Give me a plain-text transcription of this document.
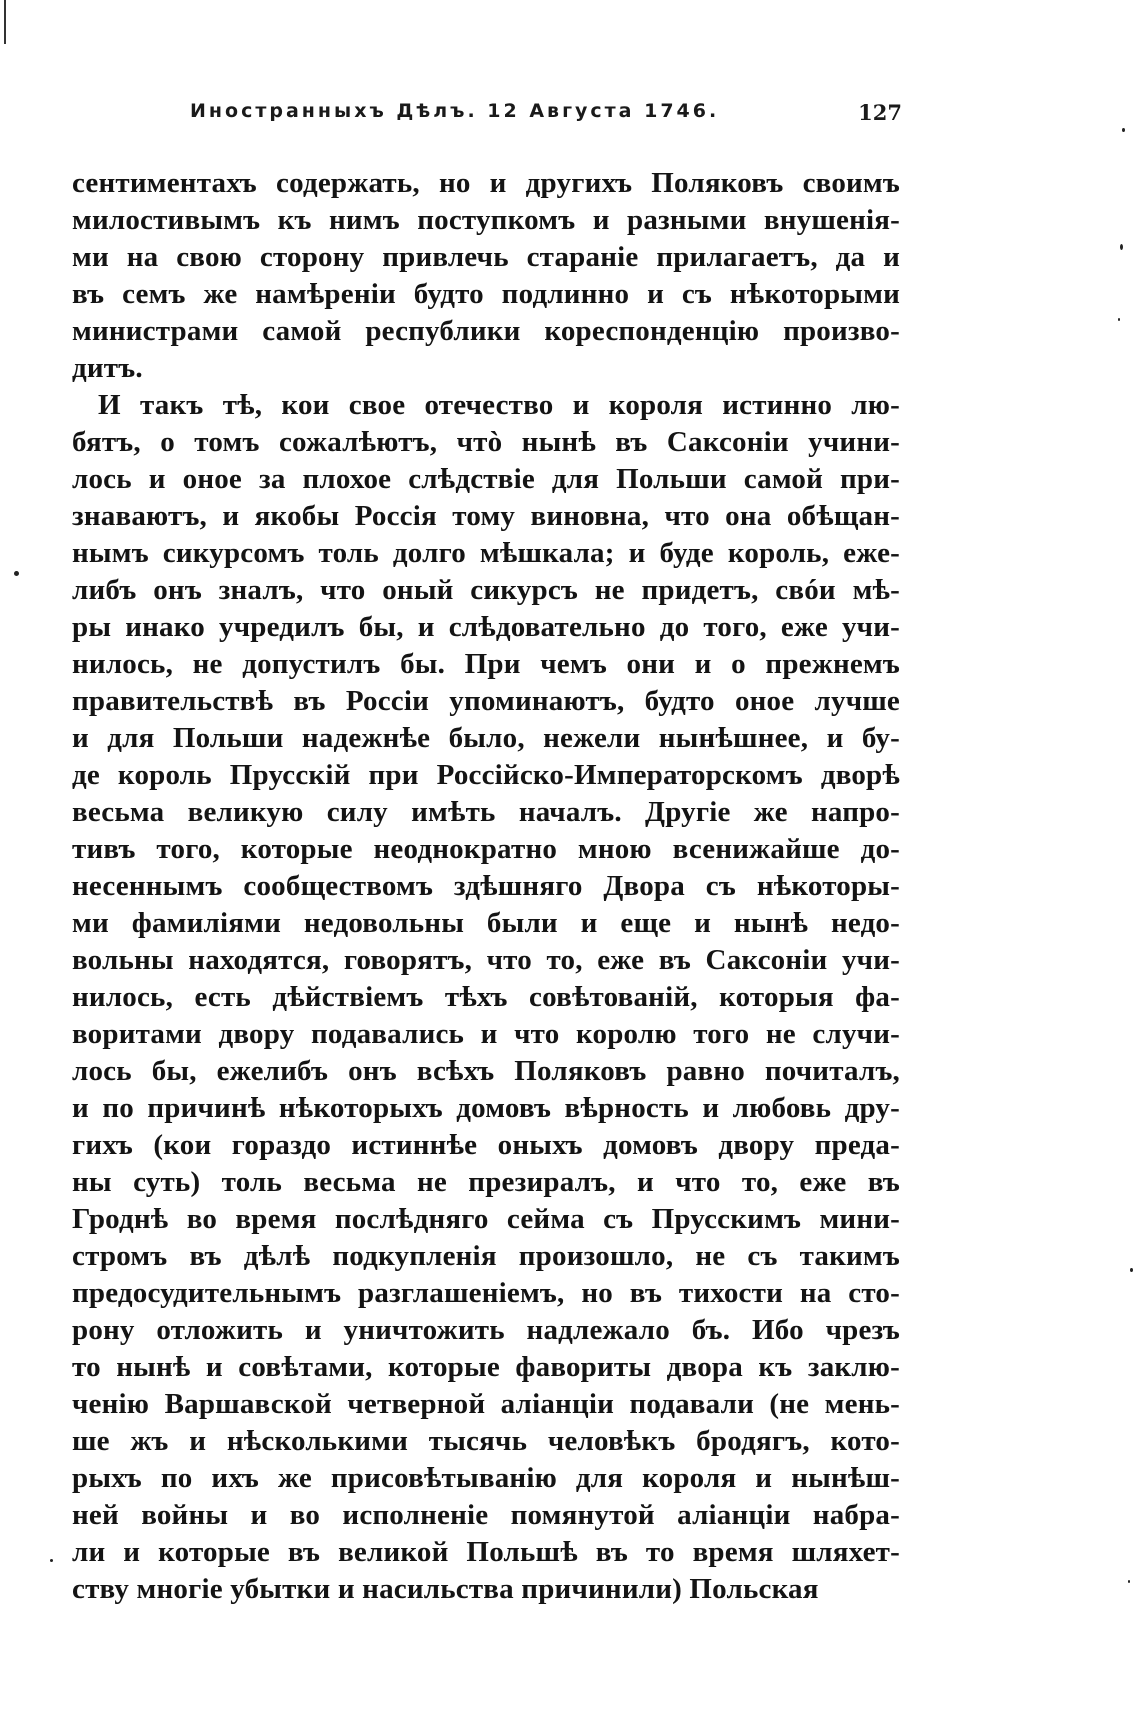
Иностранныхъ Дѣлъ. 12 Августа 1746.	127
сентиментахъ содержать, но и другихъ Поляковъ своимъ
милостивымъ къ нимъ поступкомъ и разными внушенія-
ми на свою сторону привлечь стараніе прилагаетъ, да и
въ семъ же намѣреніи будто подлинно и съ нѣкоторыми
министрами самой республики кореспонденцію произво-
дитъ.
И такъ тѣ, кои свое отечество и короля истинно лю-
бятъ, о томъ сожалѣютъ, чтò нынѣ въ Саксоніи учини-
лось и оное за плохое слѣдствіе для Польши самой при-
знаваютъ, и якобы Россія тому виновна, что она обѣщан-
нымъ сикурсомъ толь долго мѣшкала; и буде король, еже-
либъ онъ зналъ, что оный сикурсъ не придетъ, свóи мѣ-
ры инако учредилъ бы, и слѣдовательно до того, еже учи-
нилось, не допустилъ бы. При чемъ они и о прежнемъ
правительствѣ въ Россіи упоминаютъ, будто оное лучше
и для Польши надежнѣе было, нежели нынѣшнее, и бу-
де король Прусскій при Россійско-Императорскомъ дворѣ
весьма великую силу имѣть началъ. Другіе же напро-
тивъ того, которые неоднократно мною всенижайше до-
несеннымъ сообществомъ здѣшняго Двора съ нѣкоторы-
ми фамиліями недовольны были и еще и нынѣ недо-
вольны находятся, говорятъ, что то, еже въ Саксоніи учи-
нилось, есть дѣйствіемъ тѣхъ совѣтованій, которыя фа-
воритами двору подавались и что королю того не случи-
лось бы, ежелибъ онъ всѣхъ Поляковъ равно почиталъ,
и по причинѣ нѣкоторыхъ домовъ вѣрность и любовь дру-
гихъ (кои гораздо истиннѣе оныхъ домовъ двору преда-
ны суть) толь весьма не презиралъ, и что то, еже въ
Гроднѣ во время послѣдняго сейма съ Прусскимъ мини-
стромъ въ дѣлѣ подкупленія произошло, не съ такимъ
предосудительнымъ разглашеніемъ, но въ тихости на сто-
рону отложить и уничтожить надлежало бъ. Ибо чрезъ
то нынѣ и совѣтами, которые фавориты двора къ заклю-
ченію Варшавской четверной аліанціи подавали (не мень-
ше жъ и нѣсколькими тысячь человѣкъ бродягъ, кото-
рыхъ по ихъ же присовѣтыванію для короля и нынѣш-
ней войны и во исполненіе помянутой аліанціи набра-
ли и которые въ великой Польшѣ въ то время шляхет-
ству многіе убытки и насильства причинили) Польская
